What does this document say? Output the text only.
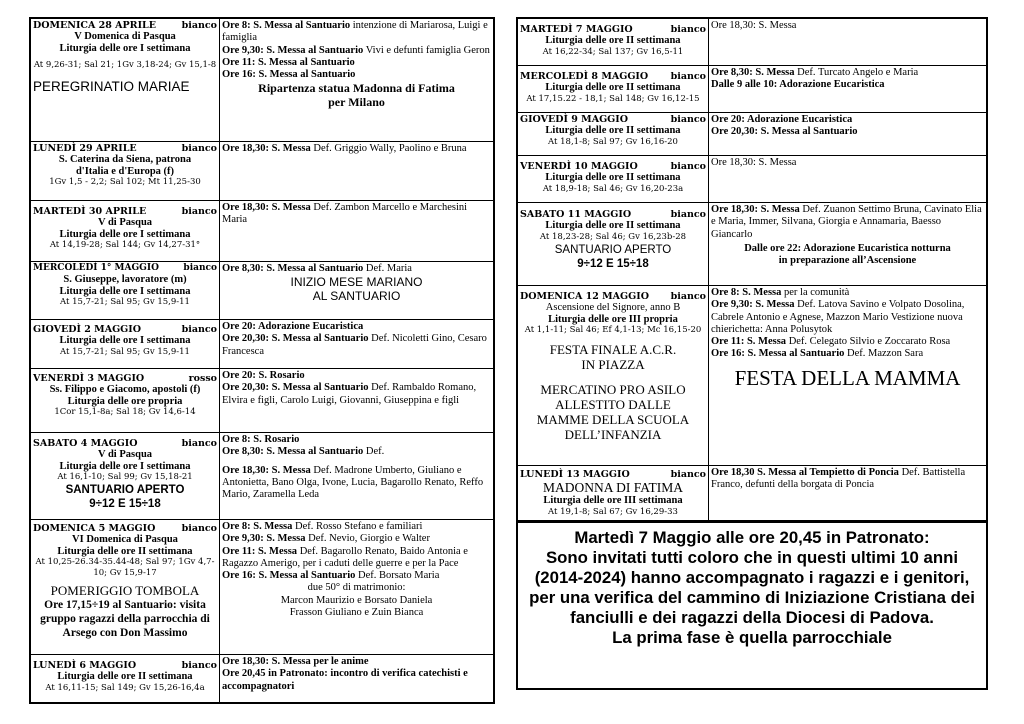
DOMENICA 28 APRILE	bianco
V Domenica di Pasqua
Liturgia delle ore I settimana
At 9,26-31; Sal 21; 1Gv 3,18-24; Gv 15,1-8
PEREGRINATIO MARIAE
Ore 8: S. Messa al Santuario intenzione di Mariarosa, Luigi e famiglia
Ore 9,30: S. Messa al Santuario Vivi e defunti famiglia Geron
Ore 11: S. Messa al Santuario
Ore 16: S. Messa al Santuario
Ripartenza statua Madonna di Fatima
per Milano
LUNEDÌ 29 APRILE	bianco
S. Caterina da Siena, patrona
d'Italia e d'Europa (f)
1Gv 1,5 - 2,2; Sal 102; Mt 11,25-30
Ore 18,30: S. Messa Def. Griggio Wally, Paolino e Bruna
MARTEDÌ 30 APRILE	bianco
V di Pasqua
Liturgia delle ore I settimana
At 14,19-28; Sal 144; Gv 14,27-31°
Ore 18,30: S. Messa Def. Zambon Marcello e Marchesini Maria
MERCOLEDÌ 1° MAGGIO	bianco
S. Giuseppe, lavoratore (m)
Liturgia delle ore I settimana
At 15,7-21; Sal 95; Gv 15,9-11
Ore 8,30: S. Messa al Santuario Def. Maria
INIZIO MESE MARIANO
AL SANTUARIO
GIOVEDÌ 2 MAGGIO	bianco
Liturgia delle ore I settimana
At 15,7-21; Sal 95; Gv 15,9-11
Ore 20: Adorazione Eucaristica
Ore 20,30: S. Messa al Santuario Def. Nicoletti Gino, Cesaro Francesca
VENERDÌ 3 MAGGIO	rosso
Ss. Filippo e Giacomo, apostoli (f)
Liturgia delle ore propria
1Cor 15,1-8a; Sal 18; Gv 14,6-14
Ore 20: S. Rosario
Ore 20,30: S. Messa al Santuario Def. Rambaldo Romano, Elvira e figli, Carolo Luigi, Giovanni, Giuseppina e figli
SABATO 4 MAGGIO	bianco
V di Pasqua
Liturgia delle ore I settimana
At 16,1-10; Sal 99; Gv 15,18-21
SANTUARIO APERTO
9÷12 E 15÷18
Ore 8: S. Rosario
Ore 8,30: S. Messa al Santuario Def.
Ore 18,30: S. Messa Def. Madrone Umberto, Giuliano e Antonietta, Bano Olga, Ivone, Lucia, Bagarollo Renato, Reffo Mario, Zaramella Leda
DOMENICA 5 MAGGIO	bianco
VI Domenica di Pasqua
Liturgia delle ore II settimana
At 10,25-26.34-35.44-48; Sal 97; 1Gv 4,7-10; Gv 15,9-17
POMERIGGIO TOMBOLA
Ore 17,15÷19 al Santuario: visita gruppo ragazzi della parrocchia di Arsego con Don Massimo
Ore 8: S. Messa Def. Rosso Stefano e familiari
Ore 9,30: S. Messa Def. Nevio, Giorgio e Walter
Ore 11: S. Messa Def. Bagarollo Renato, Baido Antonia e Ragazzo Amerigo, per i caduti delle guerre e per la Pace
Ore 16: S. Messa al Santuario Def. Borsato Maria
due 50° di matrimonio:
Marcon Maurizio e Borsato Daniela
Frasson Giuliano e Zuin Bianca
LUNEDÌ 6 MAGGIO	bianco
Liturgia delle ore II settimana
At 16,11-15; Sal 149; Gv 15,26-16,4a
Ore 18,30: S. Messa per le anime
Ore 20,45 in Patronato: incontro di verifica catechisti e accompagnatori
MARTEDÌ 7 MAGGIO	bianco
Liturgia delle ore II settimana
At 16,22-34; Sal 137; Gv 16,5-11
Ore 18,30: S. Messa
MERCOLEDÌ 8 MAGGIO bianco
Liturgia delle ore II settimana
At 17,15.22 - 18,1; Sal 148; Gv 16,12-15
Ore 8,30: S. Messa Def. Turcato Angelo e Maria
Dalle 9 alle 10: Adorazione Eucaristica
GIOVEDÌ 9 MAGGIO	bianco
Liturgia delle ore II settimana
At 18,1-8; Sal 97; Gv 16,16-20
Ore 20: Adorazione Eucaristica
Ore 20,30: S. Messa al Santuario
VENERDÌ 10 MAGGIO	bianco
Liturgia delle ore II settimana
At 18,9-18; Sal 46; Gv 16,20-23a
Ore 18,30: S. Messa
SABATO 11 MAGGIO	bianco
Liturgia delle ore II settimana
At 18,23-28; Sal 46; Gv 16,23b-28
SANTUARIO APERTO
9÷12 E 15÷18
Ore 18,30: S. Messa Def. Zuanon Settimo Bruna, Cavinato Elia e Maria, Immer, Silvana, Giorgia e Annamaria, Baesso Giancarlo
Dalle ore 22: Adorazione Eucaristica notturna
in preparazione all’Ascensione
DOMENICA 12 MAGGIO bianco
Ascensione del Signore, anno B
Liturgia delle ore III propria
At 1,1-11; Sal 46; Ef 4,1-13; Mc 16,15-20
FESTA FINALE A.C.R.
IN PIAZZA
MERCATINO PRO ASILO
ALLESTITO DALLE
MAMME DELLA SCUOLA
DELL’INFANZIA
Ore 8: S. Messa per la comunità
Ore 9,30: S. Messa Def. Latova Savino e Volpato Dosolina, Cabrele Antonio e Agnese, Mazzon Mario Vestizione nuova chierichetta: Anna Polusytok
Ore 11: S. Messa Def. Celegato Silvio e Zoccarato Rosa
Ore 16: S. Messa al Santuario Def. Mazzon Sara
FESTA DELLA MAMMA
LUNEDÌ 13 MAGGIO	bianco
MADONNA DI FATIMA
Liturgia delle ore III settimana
At 19,1-8; Sal 67; Gv 16,29-33
Ore 18,30 S. Messa al Tempietto di Poncia Def. Battistella Franco, defunti della borgata di Poncia
Martedì 7 Maggio alle ore 20,45 in Patronato:
Sono invitati tutti coloro che in questi ultimi 10 anni (2014-2024) hanno accompagnato i ragazzi e i genitori, per una verifica del cammino di Iniziazione Cristiana dei fanciulli e dei ragazzi della Diocesi di Padova.
La prima fase è quella parrocchiale
